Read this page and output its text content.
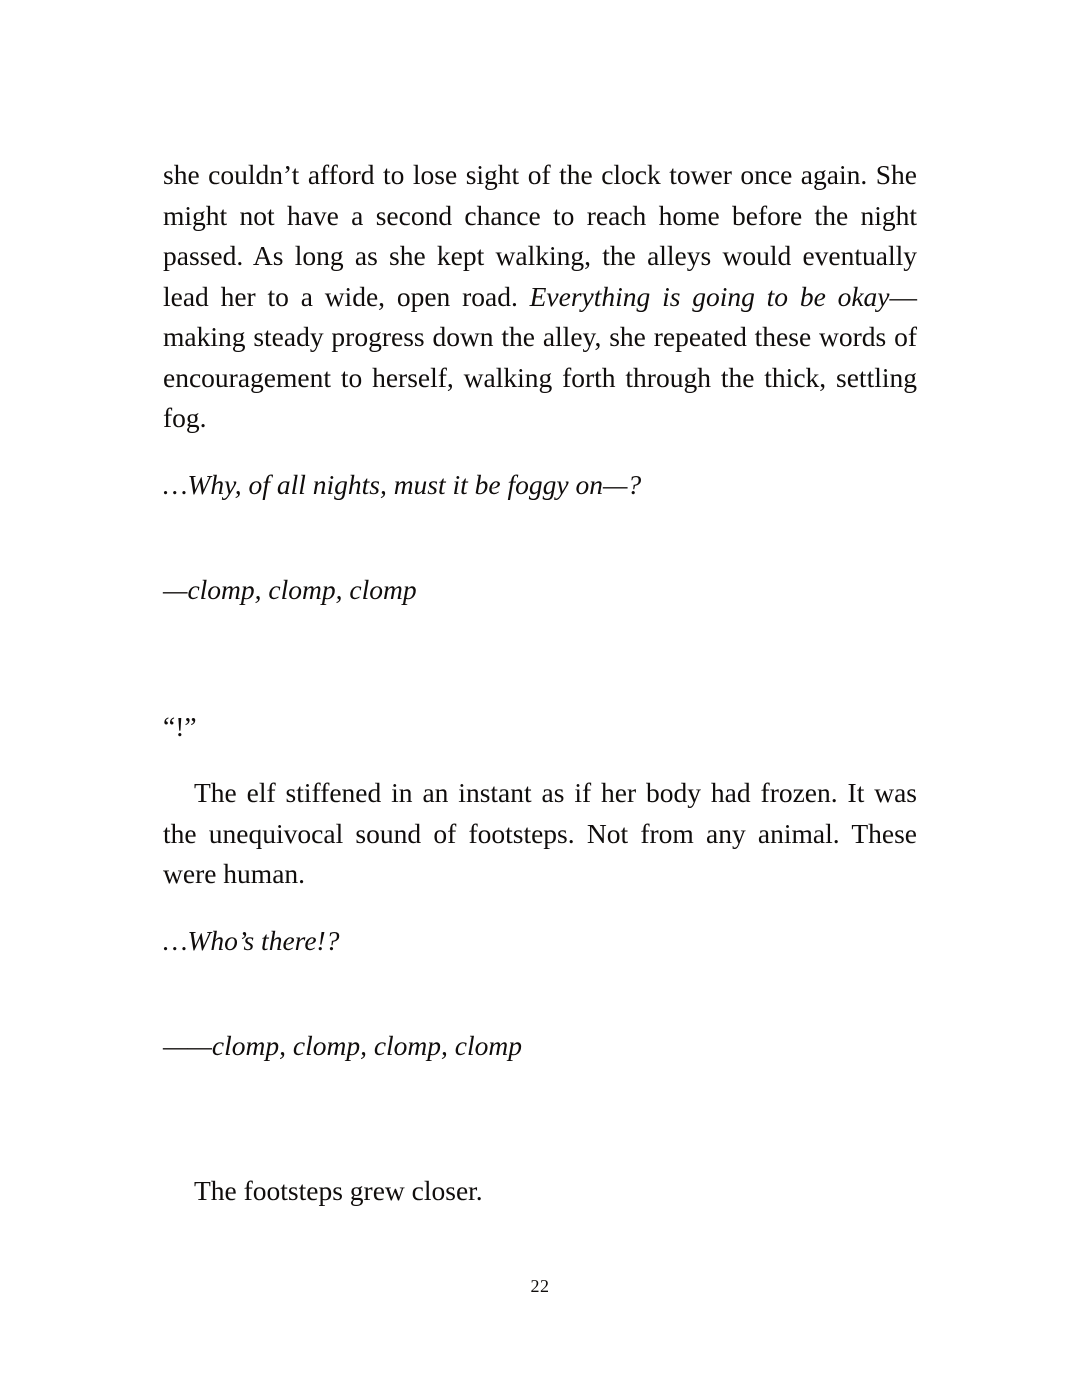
she couldn’t afford to lose sight of the clock tower once again. She might not have a second chance to reach home before the night passed. As long as she kept walking, the alleys would eventually lead her to a wide, open road. Everything is going to be okay—making steady progress down the alley, she repeated these words of encouragement to herself, walking forth through the thick, settling fog.

…Why, of all nights, must it be foggy on—?

—clomp, clomp, clomp

“!”

The elf stiffened in an instant as if her body had frozen. It was the unequivocal sound of footsteps. Not from any animal. These were human.

…Who’s there!?

——clomp, clomp, clomp, clomp

The footsteps grew closer.

22
